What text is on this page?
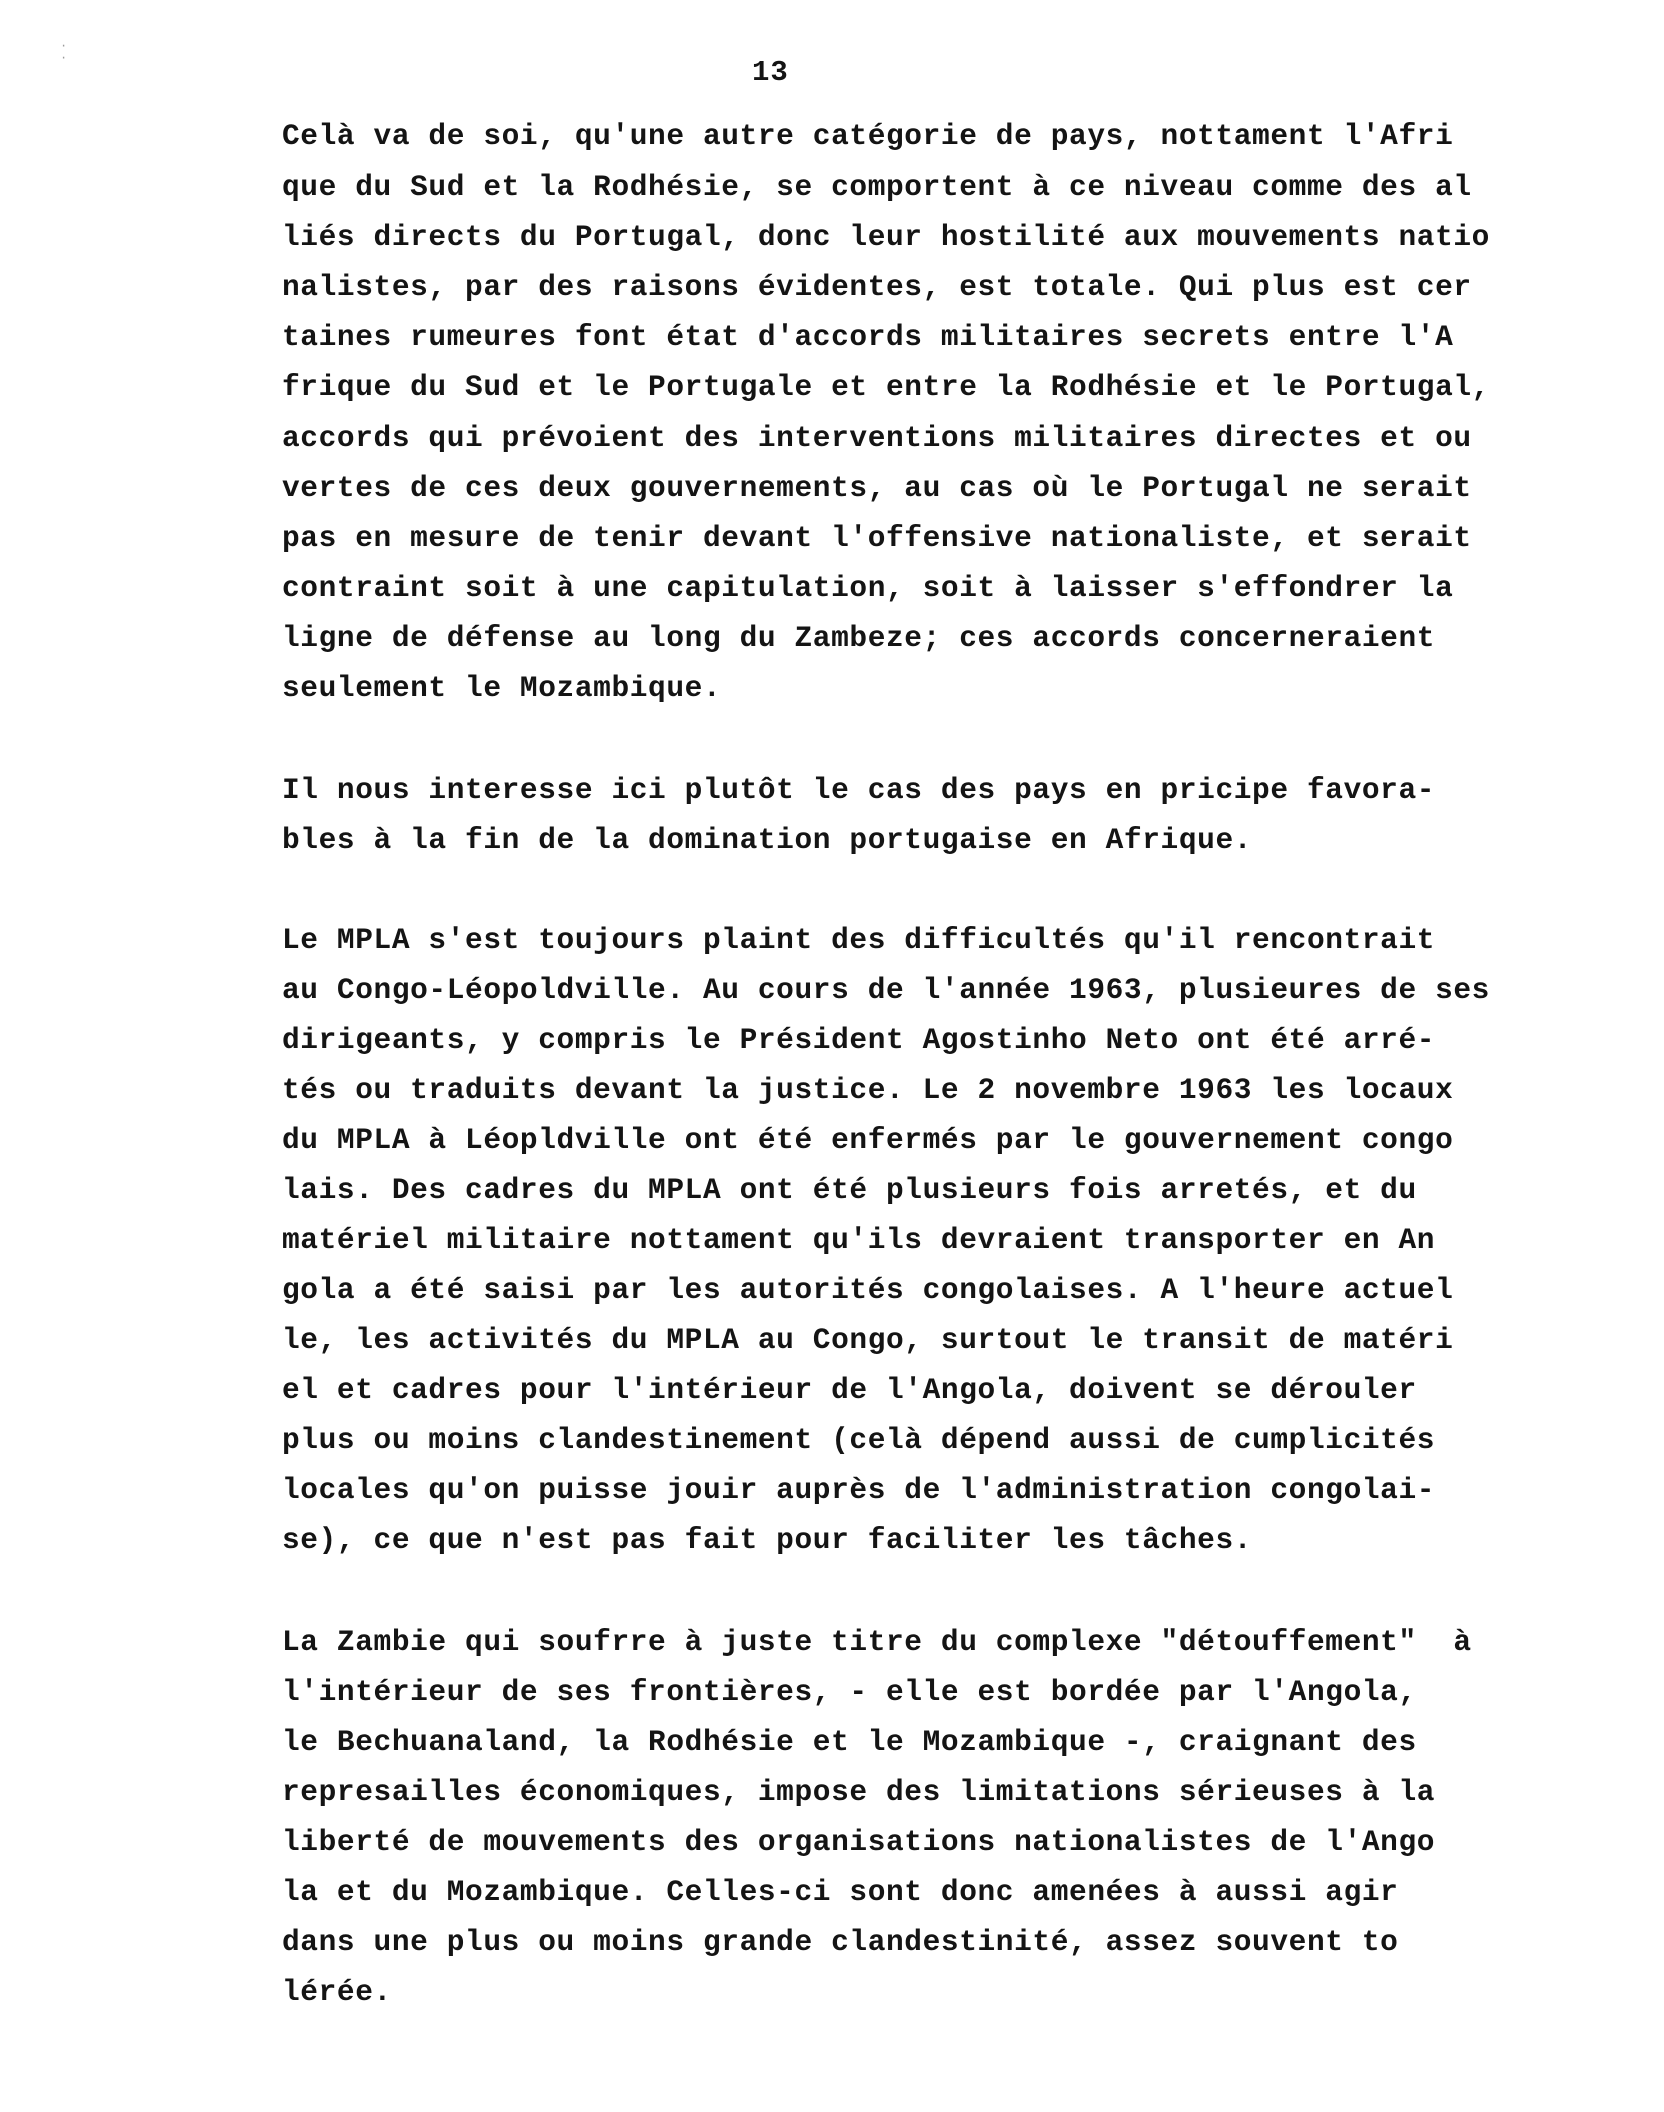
·
·	13
Celà va de soi, qu'une autre catégorie de pays, nottament l'Afri
que du Sud et la Rodhésie, se comportent à ce niveau comme des al
liés directs du Portugal, donc leur hostilité aux mouvements natio
nalistes, par des raisons évidentes, est totale. Qui plus est cer
taines rumeures font état d'accords militaires secrets entre l'A
frique du Sud et le Portugale et entre la Rodhésie et le Portugal,
accords qui prévoient des interventions militaires directes et ou
vertes de ces deux gouvernements, au cas où le Portugal ne serait
pas en mesure de tenir devant l'offensive nationaliste, et serait
contraint soit à une capitulation, soit à laisser s'effondrer la
ligne de défense au long du Zambeze; ces accords concerneraient
seulement le Mozambique.
Il nous interesse ici plutôt le cas des pays en pricipe favora-
bles à la fin de la domination portugaise en Afrique.
Le MPLA s'est toujours plaint des difficultés qu'il rencontrait
au Congo-Léopoldville. Au cours de l'année 1963, plusieures de ses
dirigeants, y compris le Président Agostinho Neto ont été arré-
tés ou traduits devant la justice. Le 2 novembre 1963 les locaux
du MPLA à Léopldville ont été enfermés par le gouvernement congo
lais. Des cadres du MPLA ont été plusieurs fois arretés, et du
matériel militaire nottament qu'ils devraient transporter en An
gola a été saisi par les autorités congolaises. A l'heure actuel
le, les activités du MPLA au Congo, surtout le transit de matéri
el et cadres pour l'intérieur de l'Angola, doivent se dérouler
plus ou moins clandestinement (celà dépend aussi de cumplicités
locales qu'on puisse jouir auprès de l'administration congolai-
se), ce que n'est pas fait pour faciliter les tâches.
La Zambie qui soufrre à juste titre du complexe "détouffement"  à
l'intérieur de ses frontières, - elle est bordée par l'Angola,
le Bechuanaland, la Rodhésie et le Mozambique -, craignant des
represailles économiques, impose des limitations sérieuses à la
liberté de mouvements des organisations nationalistes de l'Ango
la et du Mozambique. Celles-ci sont donc amenées à aussi agir
dans une plus ou moins grande clandestinité, assez souvent to
lérée.
